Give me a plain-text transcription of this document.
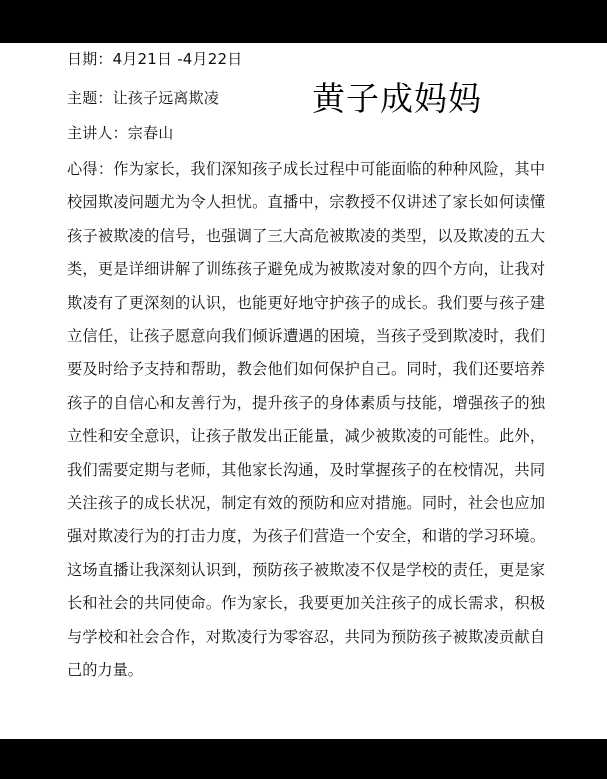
日期：4月21日 -4月22日
主题：让孩子远离欺凌
主讲人：宗春山
黄子成妈妈

心得：作为家长，我们深知孩子成长过程中可能面临的种种风险，其中校园欺凌问题尤为令人担忧。直播中，宗教授不仅讲述了家长如何读懂孩子被欺凌的信号，也强调了三大高危被欺凌的类型，以及欺凌的五大类，更是详细讲解了训练孩子避免成为被欺凌对象的四个方向，让我对欺凌有了更深刻的认识，也能更好地守护孩子的成长。我们要与孩子建立信任，让孩子愿意向我们倾诉遭遇的困境，当孩子受到欺凌时，我们要及时给予支持和帮助，教会他们如何保护自己。同时，我们还要培养孩子的自信心和友善行为，提升孩子的身体素质与技能，增强孩子的独立性和安全意识，让孩子散发出正能量，减少被欺凌的可能性。此外，我们需要定期与老师，其他家长沟通，及时掌握孩子的在校情况，共同关注孩子的成长状况，制定有效的预防和应对措施。同时，社会也应加强对欺凌行为的打击力度，为孩子们营造一个安全，和谐的学习环境。这场直播让我深刻认识到，预防孩子被欺凌不仅是学校的责任，更是家长和社会的共同使命。作为家长，我要更加关注孩子的成长需求，积极与学校和社会合作，对欺凌行为零容忍，共同为预防孩子被欺凌贡献自己的力量。
